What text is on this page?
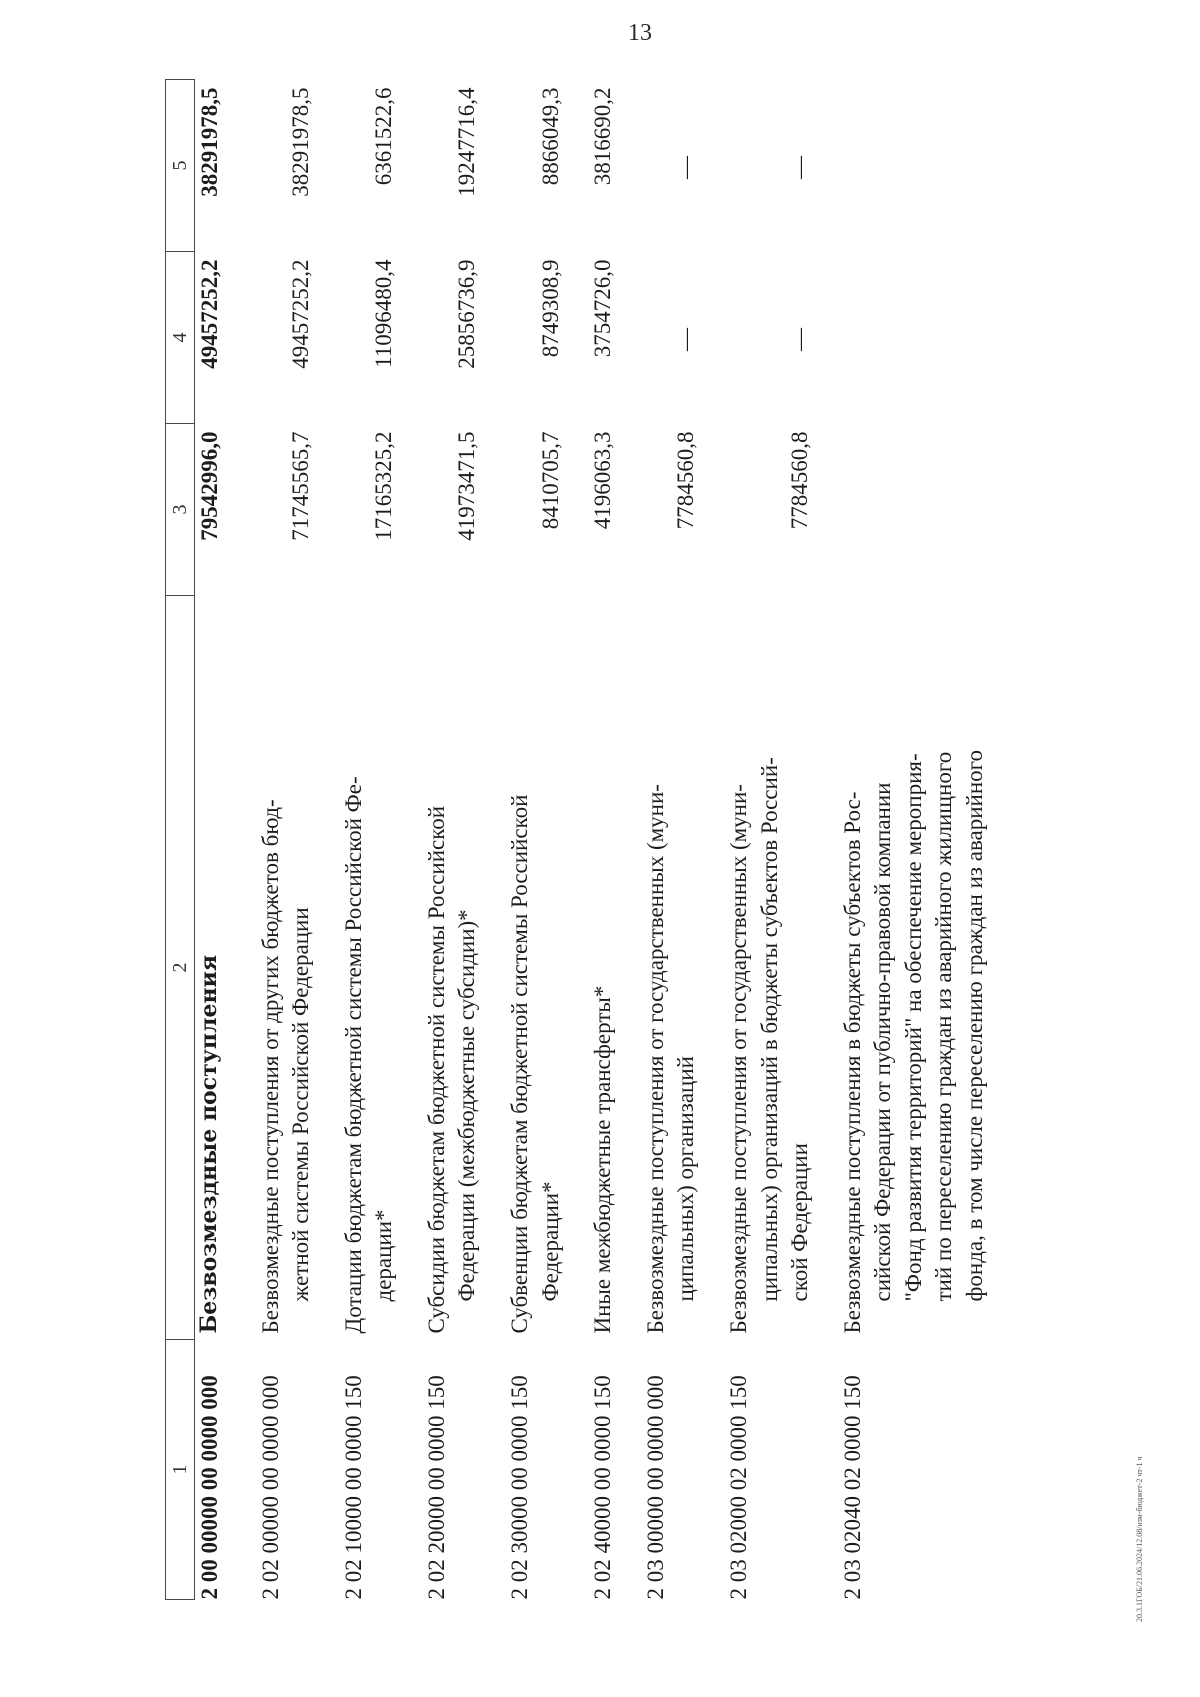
13
1	2	3	4	5
2 00 00000 00 0000 000	Безвозмездные поступления	79542996,0	49457252,2	38291978,5
2 02 00000 00 0000 000	Безвозмездные поступления от других бюджетов бюд- жетной системы Российской Федерации	71745565,7	49457252,2	38291978,5
2 02 10000 00 0000 150	Дотации бюджетам бюджетной системы Российской Фе- дерации*	17165325,2	11096480,4	6361522,6
2 02 20000 00 0000 150	Субсидии бюджетам бюджетной системы Российской Федерации (межбюджетные субсидии)*	41973471,5	25856736,9	19247716,4
2 02 30000 00 0000 150	Субвенции бюджетам бюджетной системы Российской Федерации*	8410705,7	8749308,9	8866049,3
2 02 40000 00 0000 150	Иные межбюджетные трансферты*	4196063,3	3754726,0	3816690,2
2 03 00000 00 0000 000	Безвозмездные поступления от государственных (муни- ципальных) организаций	7784560,8	—	—
2 03 02000 02 0000 150	Безвозмездные поступления от государственных (муни- ципальных) организаций в бюджеты субъектов Россий- ской Федерации	7784560,8	—	—
2 03 02040 02 0000 150	Безвозмездные поступления в бюджеты субъектов Рос- сийской Федерации от публично-правовой компании "Фонд развития территорий" на обеспечение мероприя- тий по переселению граждан из аварийного жилищного фонда, в том числе переселению граждан из аварийного			

20.3.1ГОБ/21.06.2024/12.08/изм-бюджет-2 чт-1 ч
